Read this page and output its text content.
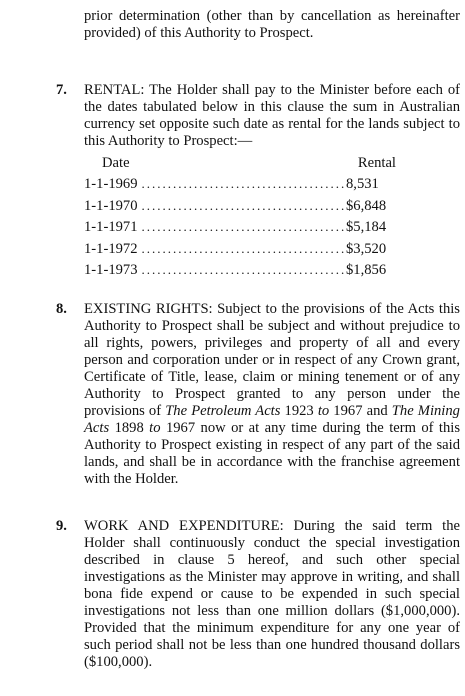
prior determination (other than by cancellation as hereinafter provided) of this Authority to Prospect.
7.	RENTAL: The Holder shall pay to the Minister before each of the dates tabulated below in this clause the sum in Australian currency set opposite such date as rental for the lands subject to this Authority to Prospect:—
Date	Rental
1-1-1969 .....	8,531
1-1-1970 .....	$6,848
1-1-1971 .....	$5,184
1-1-1972 .....	$3,520
1-1-1973 .....	$1,856
8.	EXISTING RIGHTS: Subject to the provisions of the Acts this Authority to Prospect shall be subject and without prejudice to all rights, powers, privileges and property of all and every person and corporation under or in respect of any Crown grant, Certificate of Title, lease, claim or mining tenement or of any Authority to Prospect granted to any person under the provisions of The Petroleum Acts 1923 to 1967 and The Mining Acts 1898 to 1967 now or at any time during the term of this Authority to Prospect existing in respect of any part of the said lands, and shall be in accordance with the franchise agreement with the Holder.
9.	WORK AND EXPENDITURE: During the said term the Holder shall continuously conduct the special investigation described in clause 5 hereof, and such other special investigations as the Minister may approve in writing, and shall bona fide expend or cause to be expended in such special investigations not less than one million dollars ($1,000,000). Provided that the minimum expenditure for any one year of such period shall not be less than one hundred thousand dollars ($100,000).
